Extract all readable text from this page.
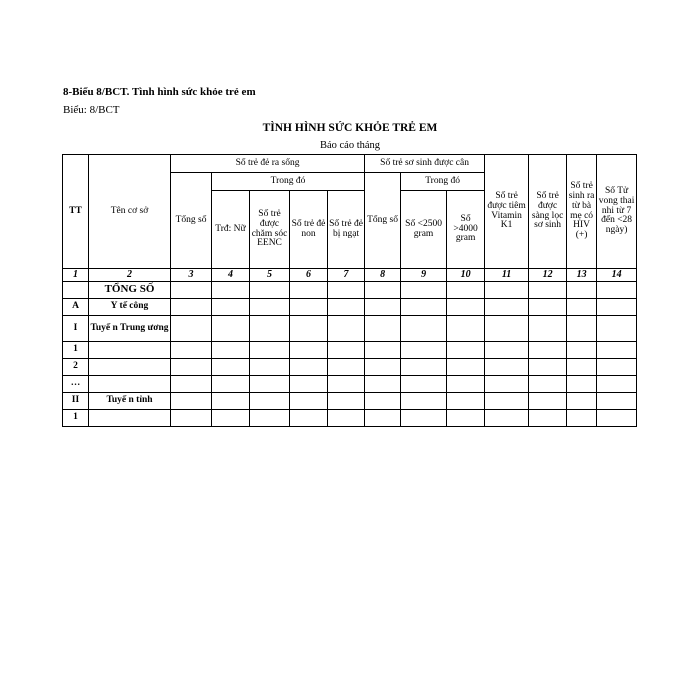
8-Biểu 8/BCT. Tình hình sức khỏe trẻ em
Biểu: 8/BCT
TÌNH HÌNH SỨC KHỎE TRẺ EM
Báo cáo tháng
TT	Tên cơ sở	Số trẻ đẻ ra sống					Số trẻ sơ sinh được cân			Số trẻ được tiêm Vitamin K1	Số trẻ được sàng lọc sơ sinh	Số trẻ sinh ra từ bà mẹ có HIV (+)	Số Tử vong thai nhi từ 7 đến <28 ngày)
		Tổng số	Trong đó				Tổng số	Trong đó					
			Trđ: Nữ	Số trẻ được chăm sóc EENC	Số trẻ đẻ non	Số trẻ đẻ bị ngạt		Số <2500 gram	Số >4000 gram				
1	2	3	4	5	6	7	8	9	10	11	12	13	14
	TỔNG SỐ												
A	Y tế công												
I	Tuyế n Trung ương												
1													
2													
…													
II	Tuyế n tỉnh												
1													
